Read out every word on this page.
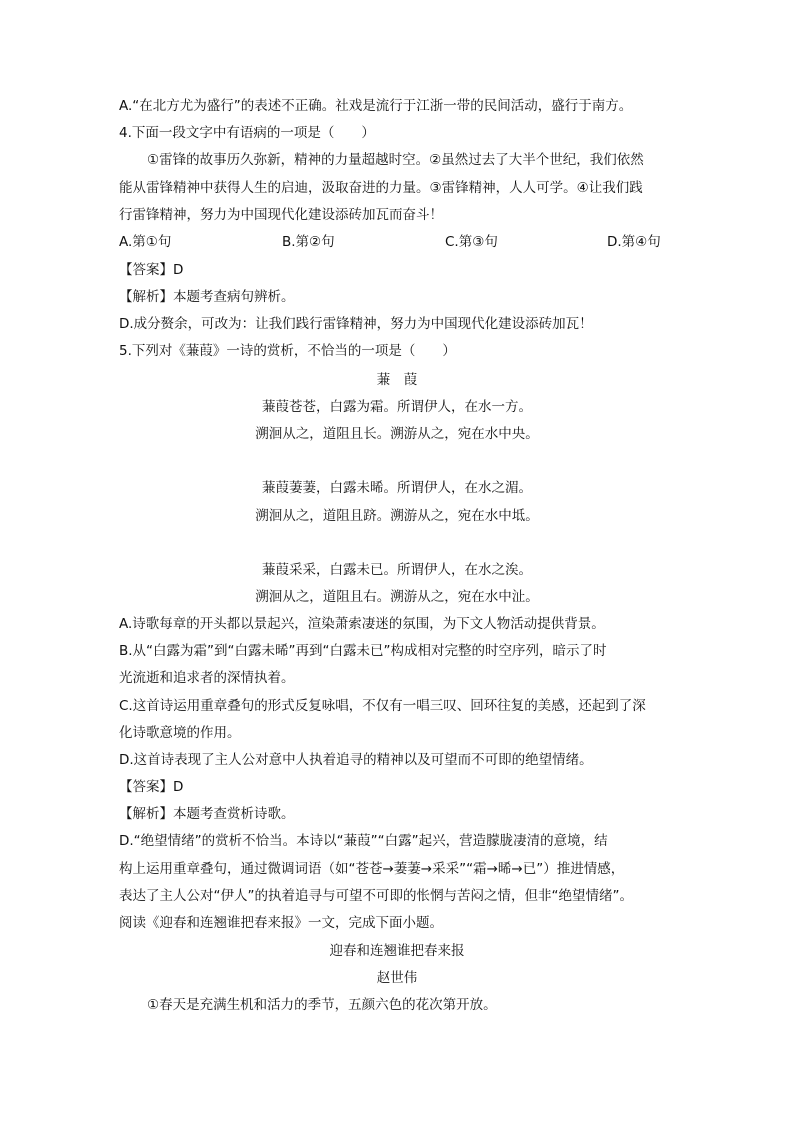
A.“在北方尤为盛行”的表述不正确。社戏是流行于江浙一带的民间活动，盛行于南方。
4.下面一段文字中有语病的一项是（　　）
①雷锋的故事历久弥新，精神的力量超越时空。②虽然过去了大半个世纪，我们依然
能从雷锋精神中获得人生的启迪，汲取奋进的力量。③雷锋精神，人人可学。④让我们践
行雷锋精神，努力为中国现代化建设添砖加瓦而奋斗！
A.第①句	B.第②句	C.第③句	D.第④句
【答案】D
【解析】本题考查病句辨析。
D.成分赘余，可改为：让我们践行雷锋精神，努力为中国现代化建设添砖加瓦！
5.下列对《蒹葭》一诗的赏析，不恰当的一项是（　　）
蒹　葭
蒹葭苍苍，白露为霜。所谓伊人，在水一方。
溯洄从之，道阻且长。溯游从之，宛在水中央。
蒹葭萋萋，白露未晞。所谓伊人，在水之湄。
溯洄从之，道阻且跻。溯游从之，宛在水中坻。
蒹葭采采，白露未已。所谓伊人，在水之涘。
溯洄从之，道阻且右。溯游从之，宛在水中沚。
A.诗歌每章的开头都以景起兴，渲染萧索凄迷的氛围，为下文人物活动提供背景。
B.从“白露为霜”到“白露未晞”再到“白露未已”构成相对完整的时空序列，暗示了时
光流逝和追求者的深情执着。
C.这首诗运用重章叠句的形式反复咏唱，不仅有一唱三叹、回环往复的美感，还起到了深
化诗歌意境的作用。
D.这首诗表现了主人公对意中人执着追寻的精神以及可望而不可即的绝望情绪。
【答案】D
【解析】本题考查赏析诗歌。
D.“绝望情绪”的赏析不恰当。本诗以“蒹葭”“白露”起兴，营造朦胧凄清的意境，结
构上运用重章叠句，通过微调词语（如“苍苍→萋萋→采采”“霜→晞→已”）推进情感，
表达了主人公对“伊人”的执着追寻与可望不可即的怅惘与苦闷之情，但非“绝望情绪”。
阅读《迎春和连翘谁把春来报》一文，完成下面小题。
迎春和连翘谁把春来报
赵世伟
①春天是充满生机和活力的季节，五颜六色的花次第开放。
